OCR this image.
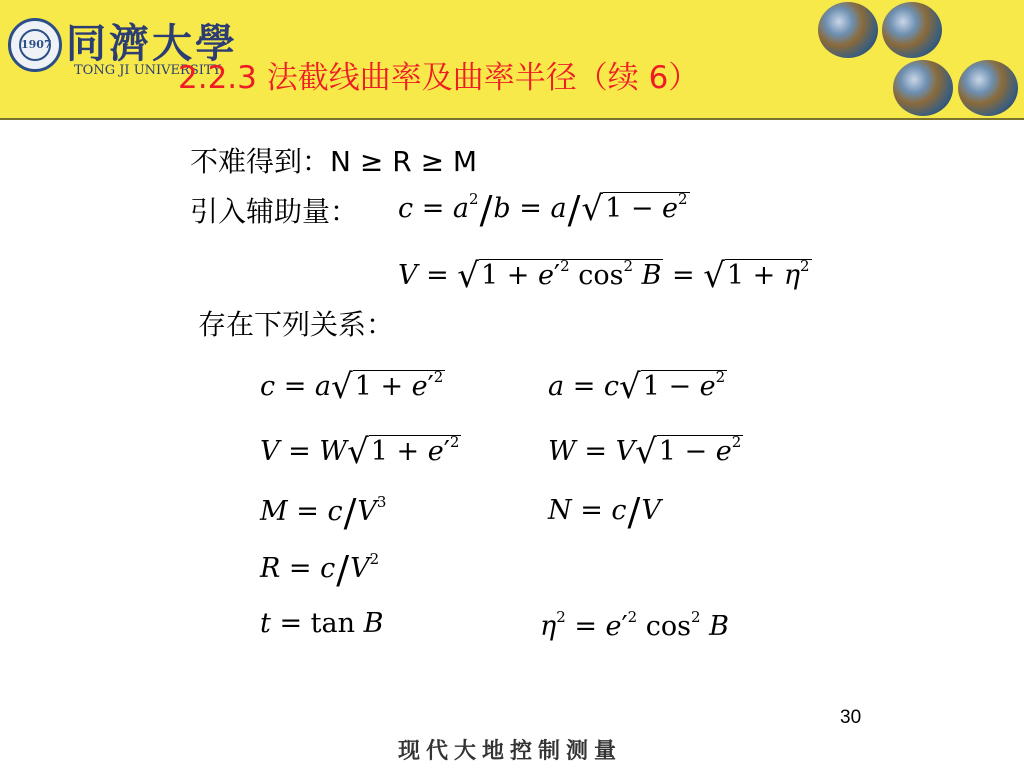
1907 同濟大學
TONG JI UNIVERSITY
2.2.3 法截线曲率及曲率半径（续 6）
不难得到：N ≥ R ≥ M
引入辅助量： $c = a^2/b = a/√1 - e^2$
$V = √1 + e'^2$ $\cos^2 B = √1 + \eta^2$
存在下列关系：
$c = a√1 + e'^2$	$a = c√1 - e^2$
$V = W√1 + e'^2$	$W = V√1 - e^2$
$M = c/V^3$	N = c/V
$R = c/V^2$
t = tan B	$\eta^2 = e'^2$ $\cos^2 B$
30
现代大地控制测量
